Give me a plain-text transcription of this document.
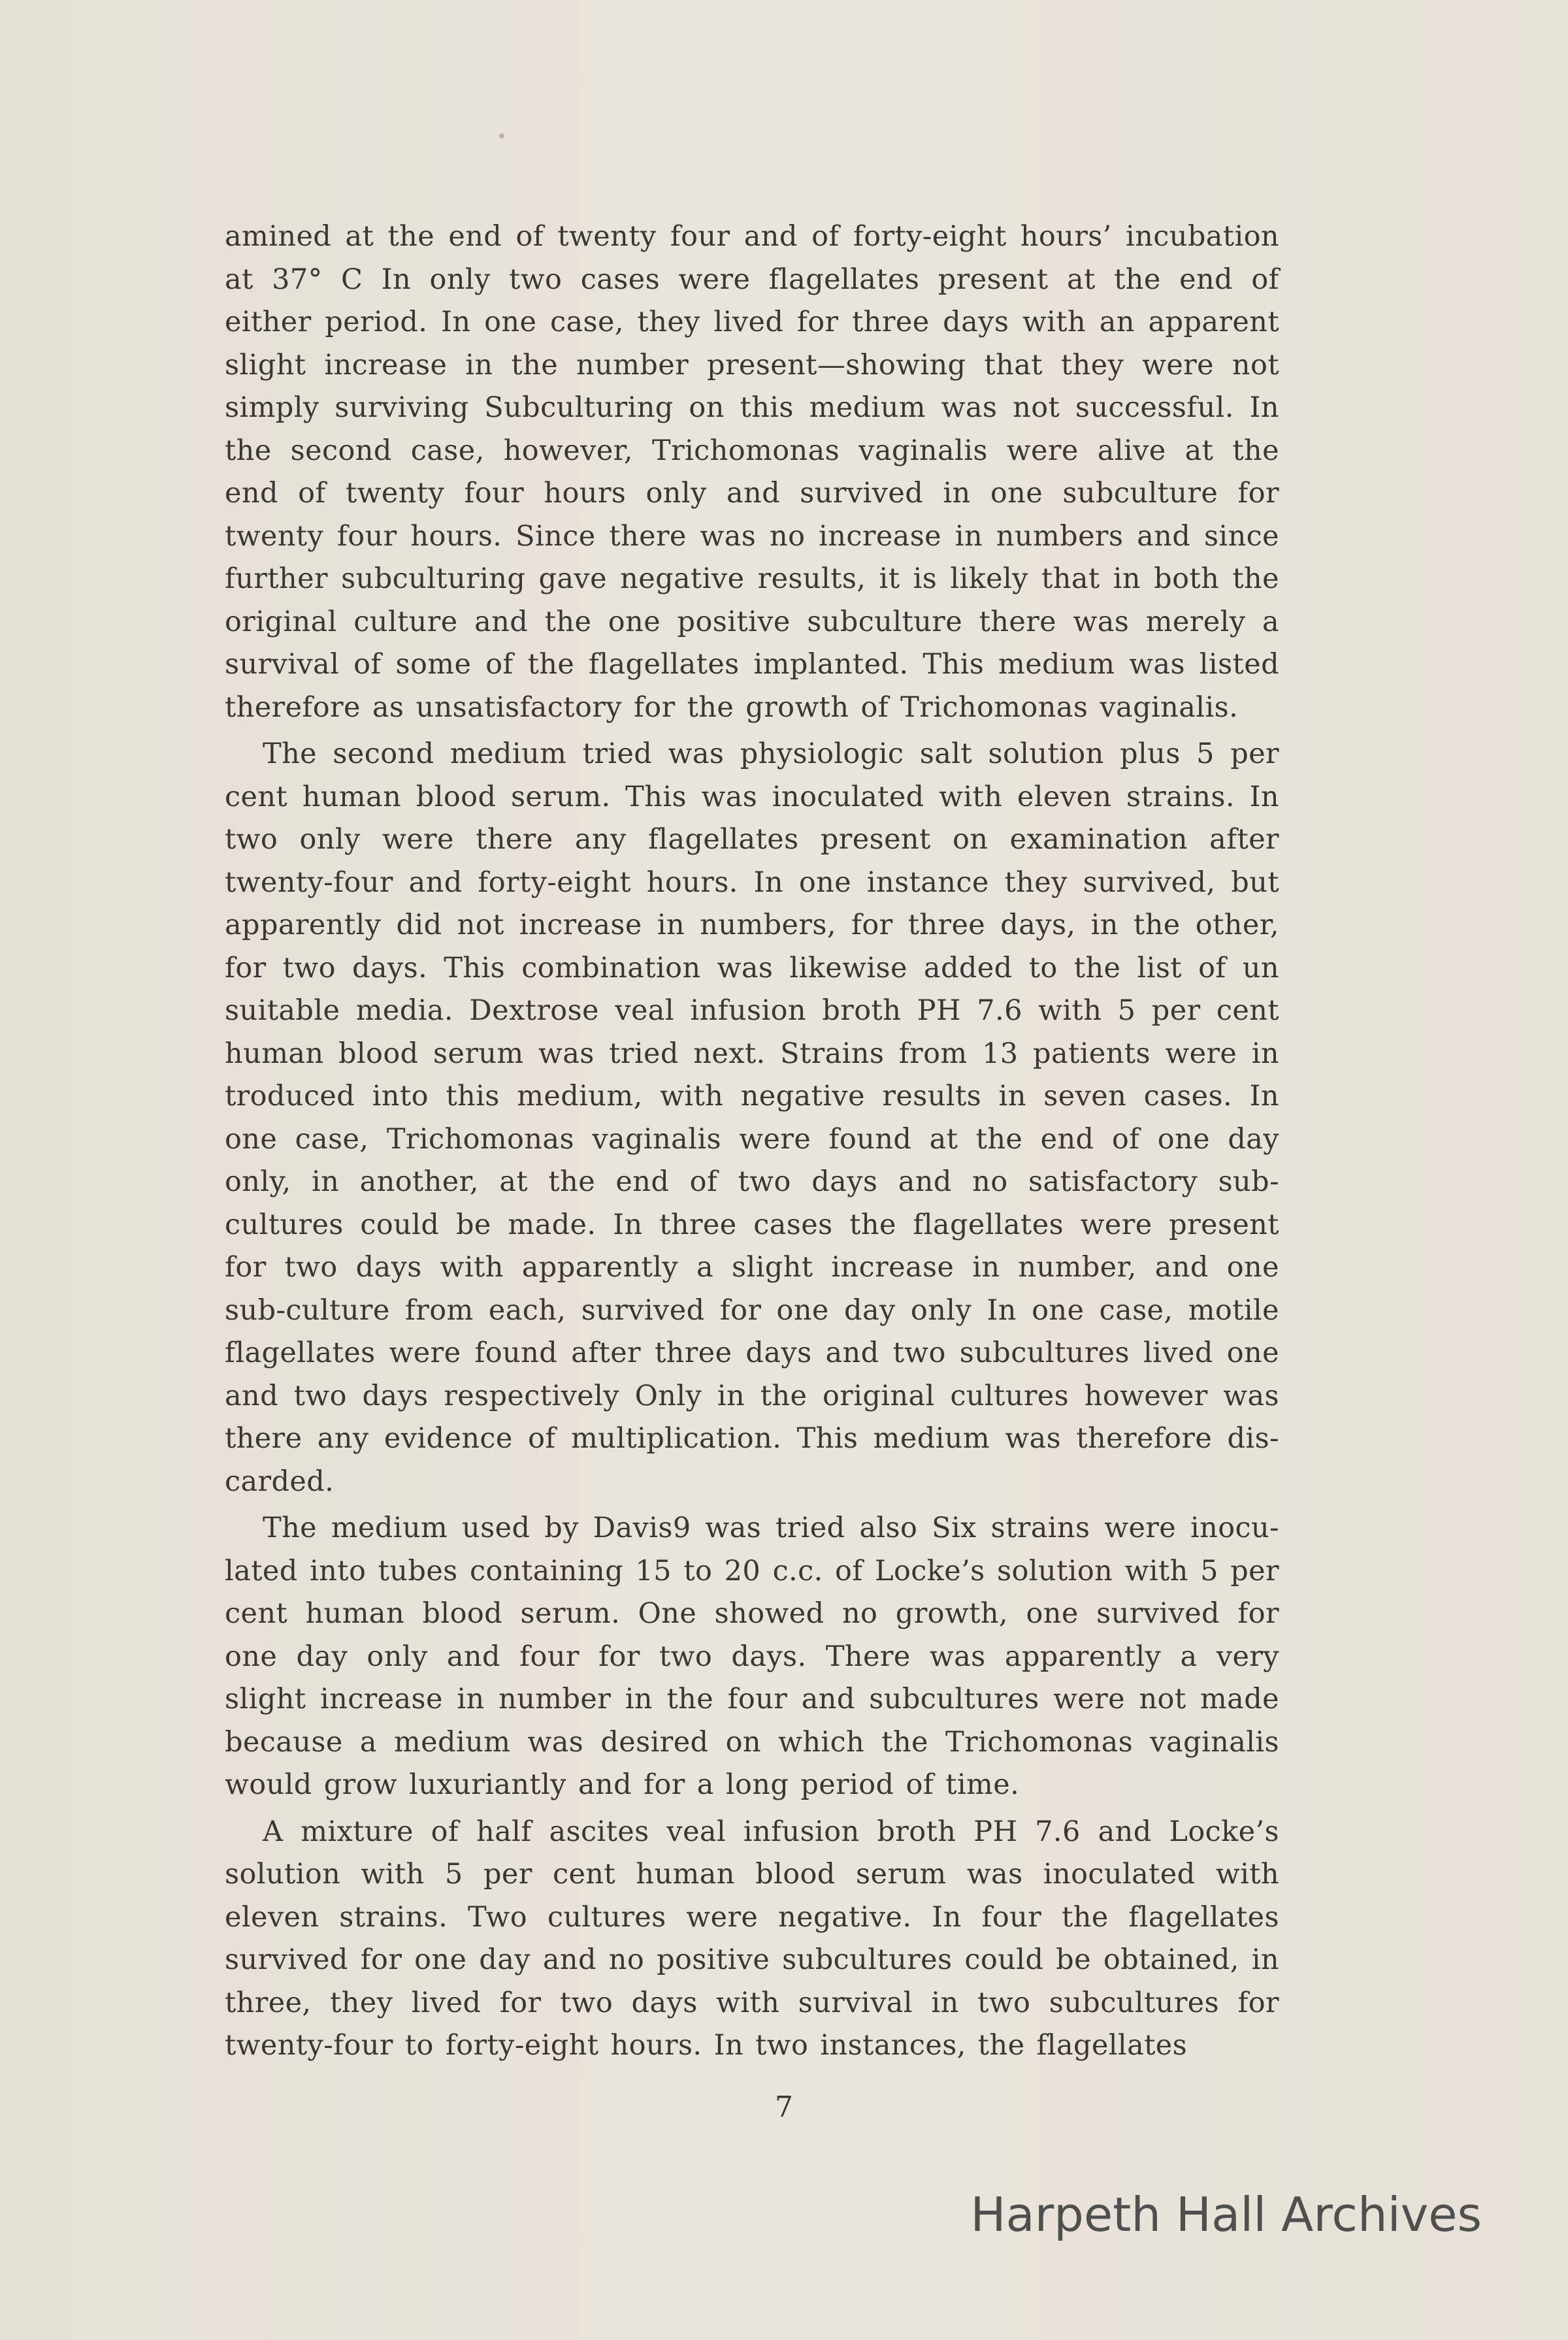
amined at the end of twenty four and of forty-eight hours’ incubation at 37° C In only two cases were flagellates present at the end of either period. In one case, they lived for three days with an apparent slight increase in the number present—showing that they were not simply surviving Subculturing on this medium was not successful. In the second case, however, Trichomonas vaginalis were alive at the end of twenty four hours only and survived in one subculture for twenty four hours. Since there was no increase in numbers and since further subculturing gave negative results, it is likely that in both the original culture and the one positive subculture there was merely a survival of some of the flagellates implanted. This medium was listed therefore as unsatisfactory for the growth of Trichomonas vaginalis.

The second medium tried was physiologic salt solution plus 5 per cent human blood serum. This was inoculated with eleven strains. In two only were there any flagellates present on examination after twenty-four and forty-eight hours. In one instance they survived, but apparently did not increase in numbers, for three days, in the other, for two days. This combination was likewise added to the list of un suitable media. Dextrose veal infusion broth PH 7.6 with 5 per cent human blood serum was tried next. Strains from 13 patients were in troduced into this medium, with negative results in seven cases. In one case, Trichomonas vaginalis were found at the end of one day only, in another, at the end of two days and no satisfactory sub-cultures could be made. In three cases the flagellates were present for two days with apparently a slight increase in number, and one sub-culture from each, survived for one day only In one case, motile flagellates were found after three days and two subcultures lived one and two days respectively Only in the original cultures however was there any evidence of multiplication. This medium was therefore dis-carded.

The medium used by Davis9 was tried also Six strains were inocu-lated into tubes containing 15 to 20 c.c. of Locke’s solution with 5 per cent human blood serum. One showed no growth, one survived for one day only and four for two days. There was apparently a very slight increase in number in the four and subcultures were not made because a medium was desired on which the Trichomonas vaginalis would grow luxuriantly and for a long period of time.

A mixture of half ascites veal infusion broth PH 7.6 and Locke’s solution with 5 per cent human blood serum was inoculated with eleven strains. Two cultures were negative. In four the flagellates survived for one day and no positive subcultures could be obtained, in three, they lived for two days with survival in two subcultures for twenty-four to forty-eight hours. In two instances, the flagellates

7
Harpeth Hall Archives
